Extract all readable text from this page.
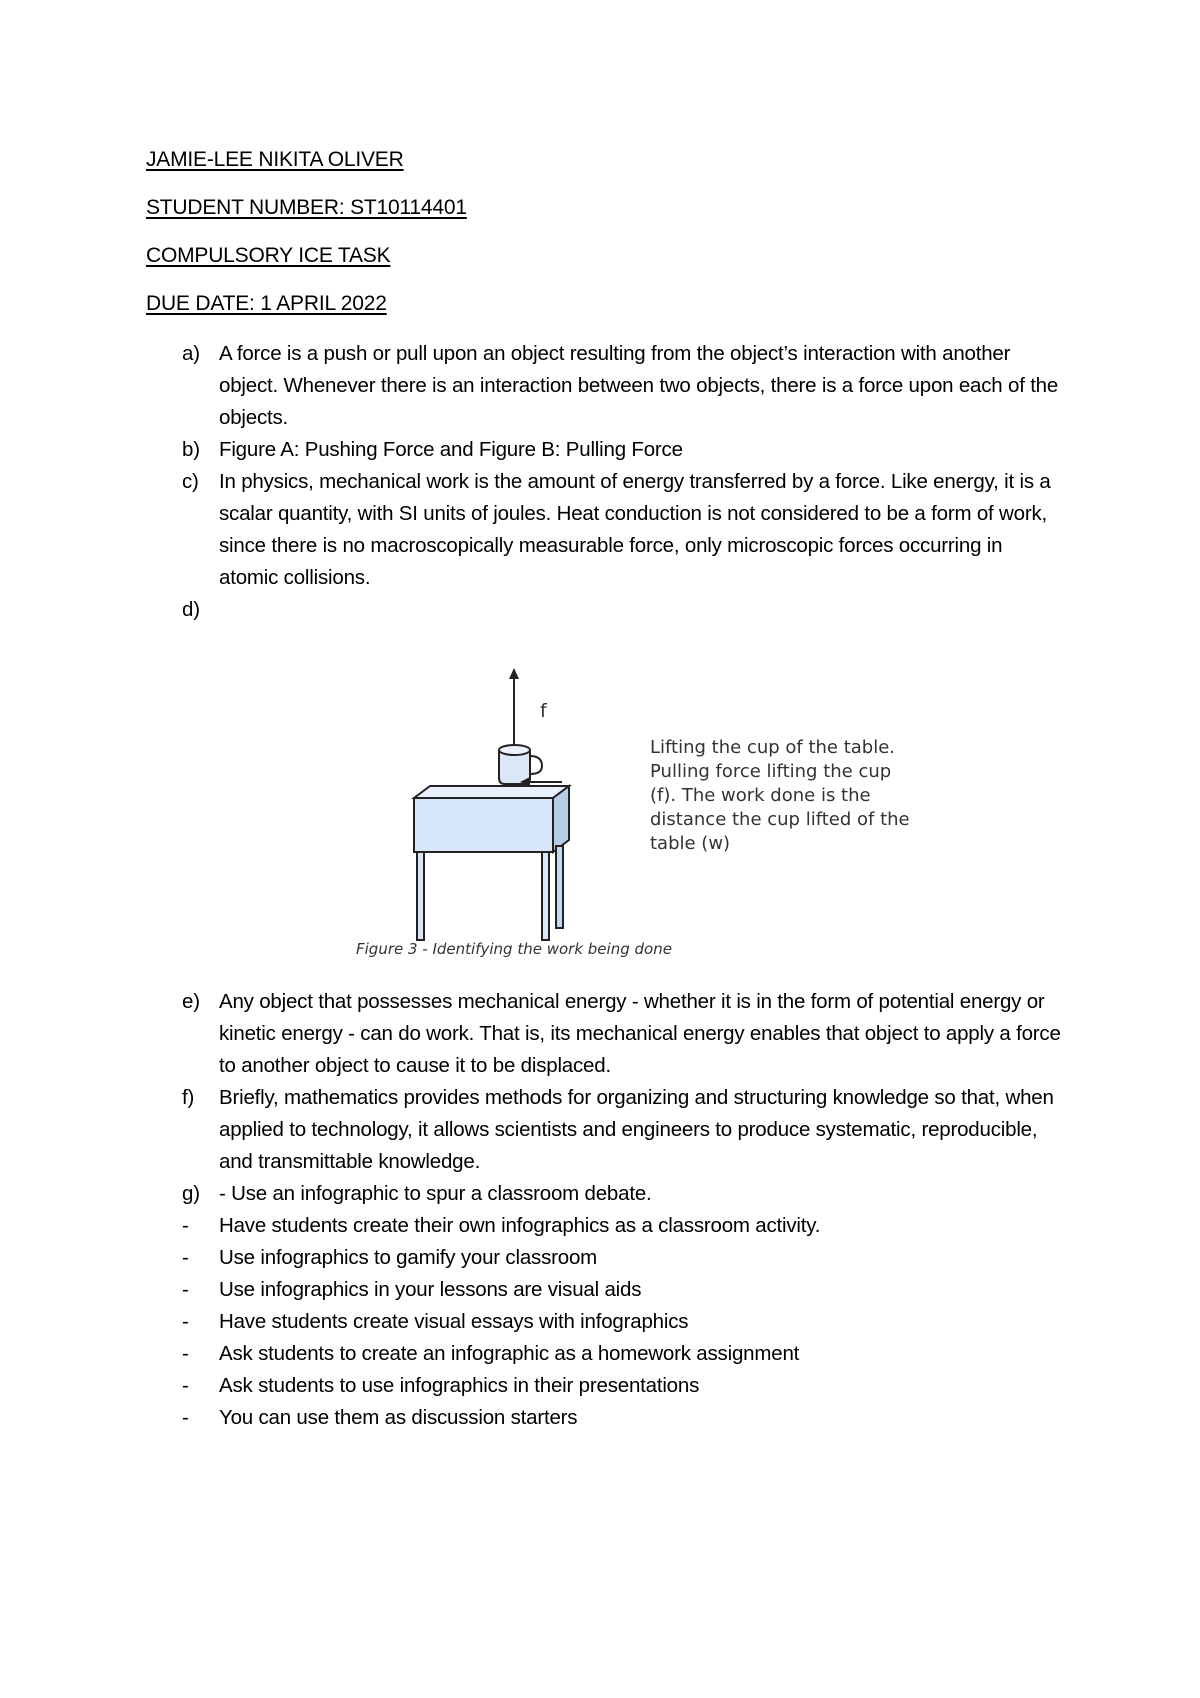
JAMIE-LEE NIKITA OLIVER
STUDENT NUMBER: ST10114401
COMPULSORY ICE TASK
DUE DATE: 1 APRIL 2022
a) A force is a push or pull upon an object resulting from the object’s interaction with another object. Whenever there is an interaction between two objects, there is a force upon each of the objects.
b) Figure A: Pushing Force and Figure B: Pulling Force
c) In physics, mechanical work is the amount of energy transferred by a force. Like energy, it is a scalar quantity, with SI units of joules. Heat conduction is not considered to be a form of work, since there is no macroscopically measurable force, only microscopic forces occurring in atomic collisions.
d)
f
Lifting the cup of the table. Pulling force lifting the cup (f). The work done is the distance the cup lifted of the table (w)
Figure 3 - Identifying the work being done
e) Any object that possesses mechanical energy - whether it is in the form of potential energy or kinetic energy - can do work. That is, its mechanical energy enables that object to apply a force to another object to cause it to be displaced.
f) Briefly, mathematics provides methods for organizing and structuring knowledge so that, when applied to technology, it allows scientists and engineers to produce systematic, reproducible, and transmittable knowledge.
g) - Use an infographic to spur a classroom debate.
- Have students create their own infographics as a classroom activity.
- Use infographics to gamify your classroom
- Use infographics in your lessons are visual aids
- Have students create visual essays with infographics
- Ask students to create an infographic as a homework assignment
- Ask students to use infographics in their presentations
- You can use them as discussion starters
